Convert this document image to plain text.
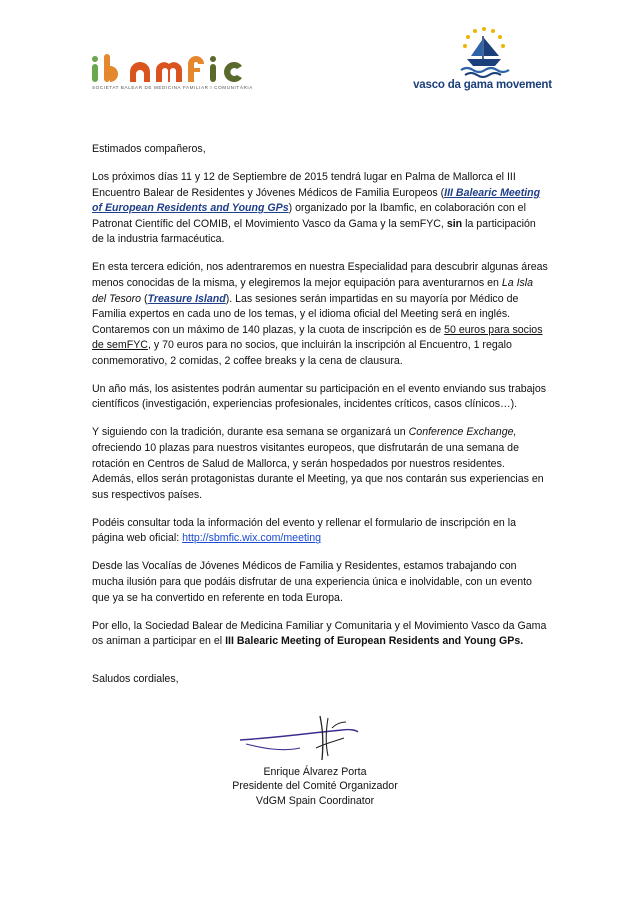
SOCIETAT BALEAR DE MEDICINA FAMILIAR I COMUNITÀRIA	vasco da gama movement

Estimados compañeros,

Los próximos días 11 y 12 de Septiembre de 2015 tendrá lugar en Palma de Mallorca el III Encuentro Balear de Residentes y Jóvenes Médicos de Familia Europeos (III Balearic Meeting of European Residents and Young GPs) organizado por la Ibamfic, en colaboración con el Patronat Científic del COMIB, el Movimiento Vasco da Gama y la semFYC, sin la participación de la industria farmacéutica.

En esta tercera edición, nos adentraremos en nuestra Especialidad para descubrir algunas áreas menos conocidas de la misma, y elegiremos la mejor equipación para aventurarnos en La Isla del Tesoro (Treasure Island). Las sesiones serán impartidas en su mayoría por Médico de Familia expertos en cada uno de los temas, y el idioma oficial del Meeting será en inglés. Contaremos con un máximo de 140 plazas, y la cuota de inscripción es de 50 euros para socios de semFYC, y 70 euros para no socios, que incluirán la inscripción al Encuentro, 1 regalo conmemorativo, 2 comidas, 2 coffee breaks y la cena de clausura.

Un año más, los asistentes podrán aumentar su participación en el evento enviando sus trabajos científicos (investigación, experiencias profesionales, incidentes críticos, casos clínicos…).

Y siguiendo con la tradición, durante esa semana se organizará un Conference Exchange, ofreciendo 10 plazas para nuestros visitantes europeos, que disfrutarán de una semana de rotación en Centros de Salud de Mallorca, y serán hospedados por nuestros residentes. Además, ellos serán protagonistas durante el Meeting, ya que nos contarán sus experiencias en sus respectivos países.

Podéis consultar toda la información del evento y rellenar el formulario de inscripción en la página web oficial: http://sbmfic.wix.com/meeting

Desde las Vocalías de Jóvenes Médicos de Familia y Residentes, estamos trabajando con mucha ilusión para que podáis disfrutar de una experiencia única e inolvidable, con un evento que ya se ha convertido en referente en toda Europa.

Por ello, la Sociedad Balear de Medicina Familiar y Comunitaria y el Movimiento Vasco da Gama os animan a participar en el III Balearic Meeting of European Residents and Young GPs.

Saludos cordiales,

Enrique Álvarez Porta
Presidente del Comité Organizador
VdGM Spain Coordinator
